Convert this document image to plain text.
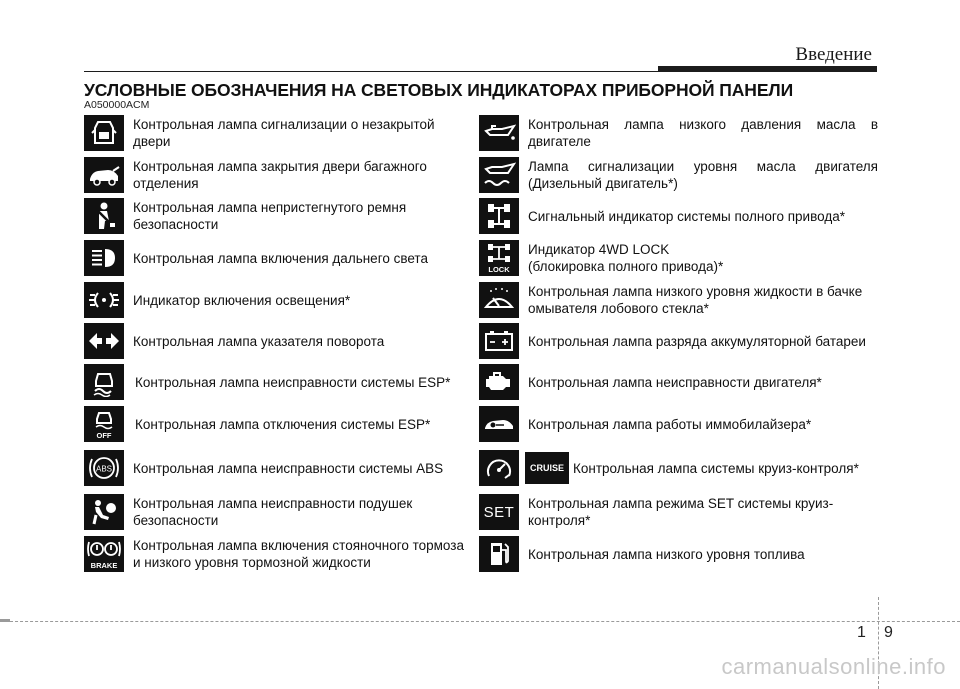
Введение
УСЛОВНЫЕ ОБОЗНАЧЕНИЯ НА СВЕТОВЫХ ИНДИКАТОРАХ ПРИБОРНОЙ ПАНЕЛИ
A050000ACM
Контрольная лампа сигнализации о незакрытой двери
Контрольная лампа закрытия двери багажного отделения
Контрольная лампа непристегнутого ремня безопасности
Контрольная лампа включения дальнего света
Индикатор включения освещения*
Контрольная лампа указателя поворота
Контрольная лампа неисправности системы ESP*
OFF
Контрольная лампа отключения системы ESP*
ABS Контрольная лампа неисправности системы ABS
Контрольная лампа неисправности подушек безопасности
BRAKE
Контрольная лампа включения стояночного тормоза и низкого уровня тормозной жидкости
Контрольная лампа низкого давления масла в двигателе
Лампа сигнализации уровня масла двигателя (Дизельный двигатель*)
Сигнальный индикатор системы полного привода*
LOCK
Индикатор 4WD LOCK
(блокировка полного привода)*
Контрольная лампа низкого уровня жидкости в бачке омывателя лобового стекла*
Контрольная лампа разряда аккумуляторной батареи
Контрольная лампа неисправности двигателя*
Контрольная лампа работы иммобилайзера*
CRUISE Контрольная лампа системы круиз-контроля*
SET Контрольная лампа режима SET системы круиз-контроля*
Контрольная лампа низкого уровня топлива
1 9
carmanualsonline.info
